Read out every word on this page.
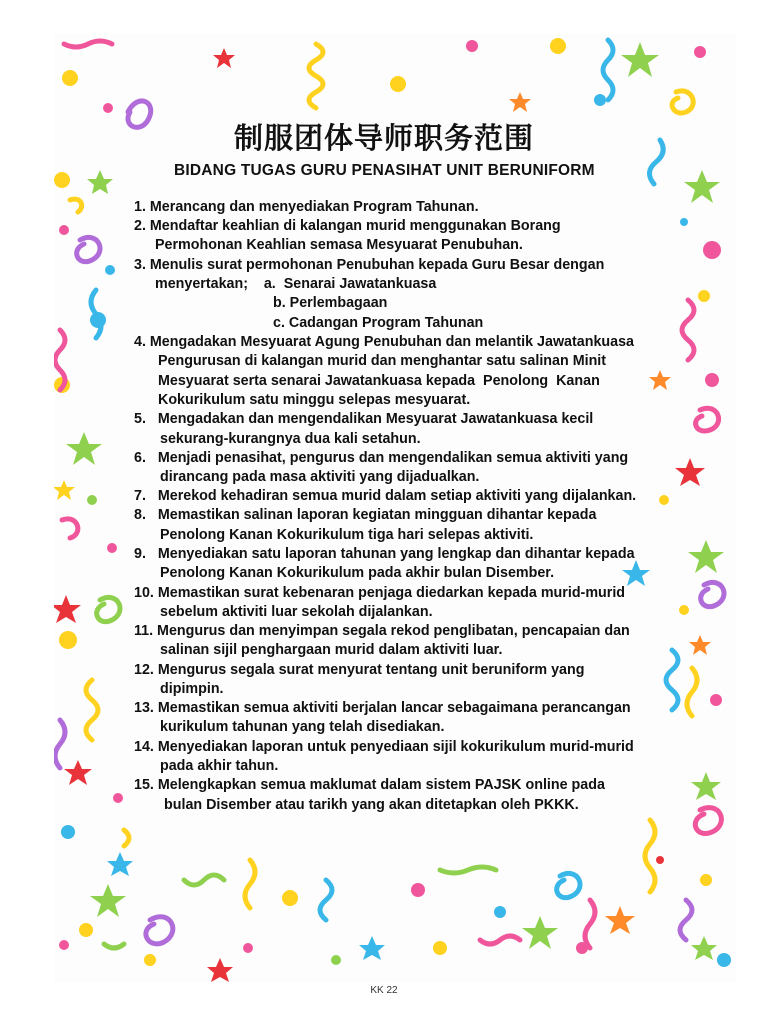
制服团体导师职务范围
BIDANG TUGAS GURU PENASIHAT UNIT BERUNIFORM
1. Merancang dan menyediakan Program Tahunan.
2. Mendaftar keahlian di kalangan murid menggunakan Borang
Permohonan Keahlian semasa Mesyuarat Penubuhan.
3. Menulis surat permohonan Penubuhan kepada Guru Besar dengan
menyertakan;    a.  Senarai Jawatankuasa
b. Perlembagaan
c. Cadangan Program Tahunan
4. Mengadakan Mesyuarat Agung Penubuhan dan melantik Jawatankuasa
Pengurusan di kalangan murid dan menghantar satu salinan Minit
Mesyuarat serta senarai Jawatankuasa kepada  Penolong  Kanan
Kokurikulum satu minggu selepas mesyuarat.
5.   Mengadakan dan mengendalikan Mesyuarat Jawatankuasa kecil
sekurang-kurangnya dua kali setahun.
6.   Menjadi penasihat, pengurus dan mengendalikan semua aktiviti yang
dirancang pada masa aktiviti yang dijadualkan.
7.   Merekod kehadiran semua murid dalam setiap aktiviti yang dijalankan.
8.   Memastikan salinan laporan kegiatan mingguan dihantar kepada
Penolong Kanan Kokurikulum tiga hari selepas aktiviti.
9.   Menyediakan satu laporan tahunan yang lengkap dan dihantar kepada
Penolong Kanan Kokurikulum pada akhir bulan Disember.
10. Memastikan surat kebenaran penjaga diedarkan kepada murid-murid
sebelum aktiviti luar sekolah dijalankan.
11. Mengurus dan menyimpan segala rekod penglibatan, pencapaian dan
salinan sijil penghargaan murid dalam aktiviti luar.
12. Mengurus segala surat menyurat tentang unit beruniform yang
dipimpin.
13. Memastikan semua aktiviti berjalan lancar sebagaimana perancangan
kurikulum tahunan yang telah disediakan.
14. Menyediakan laporan untuk penyediaan sijil kokurikulum murid-murid
pada akhir tahun.
15. Melengkapkan semua maklumat dalam sistem PAJSK online pada
bulan Disember atau tarikh yang akan ditetapkan oleh PKKK.
KK 22
